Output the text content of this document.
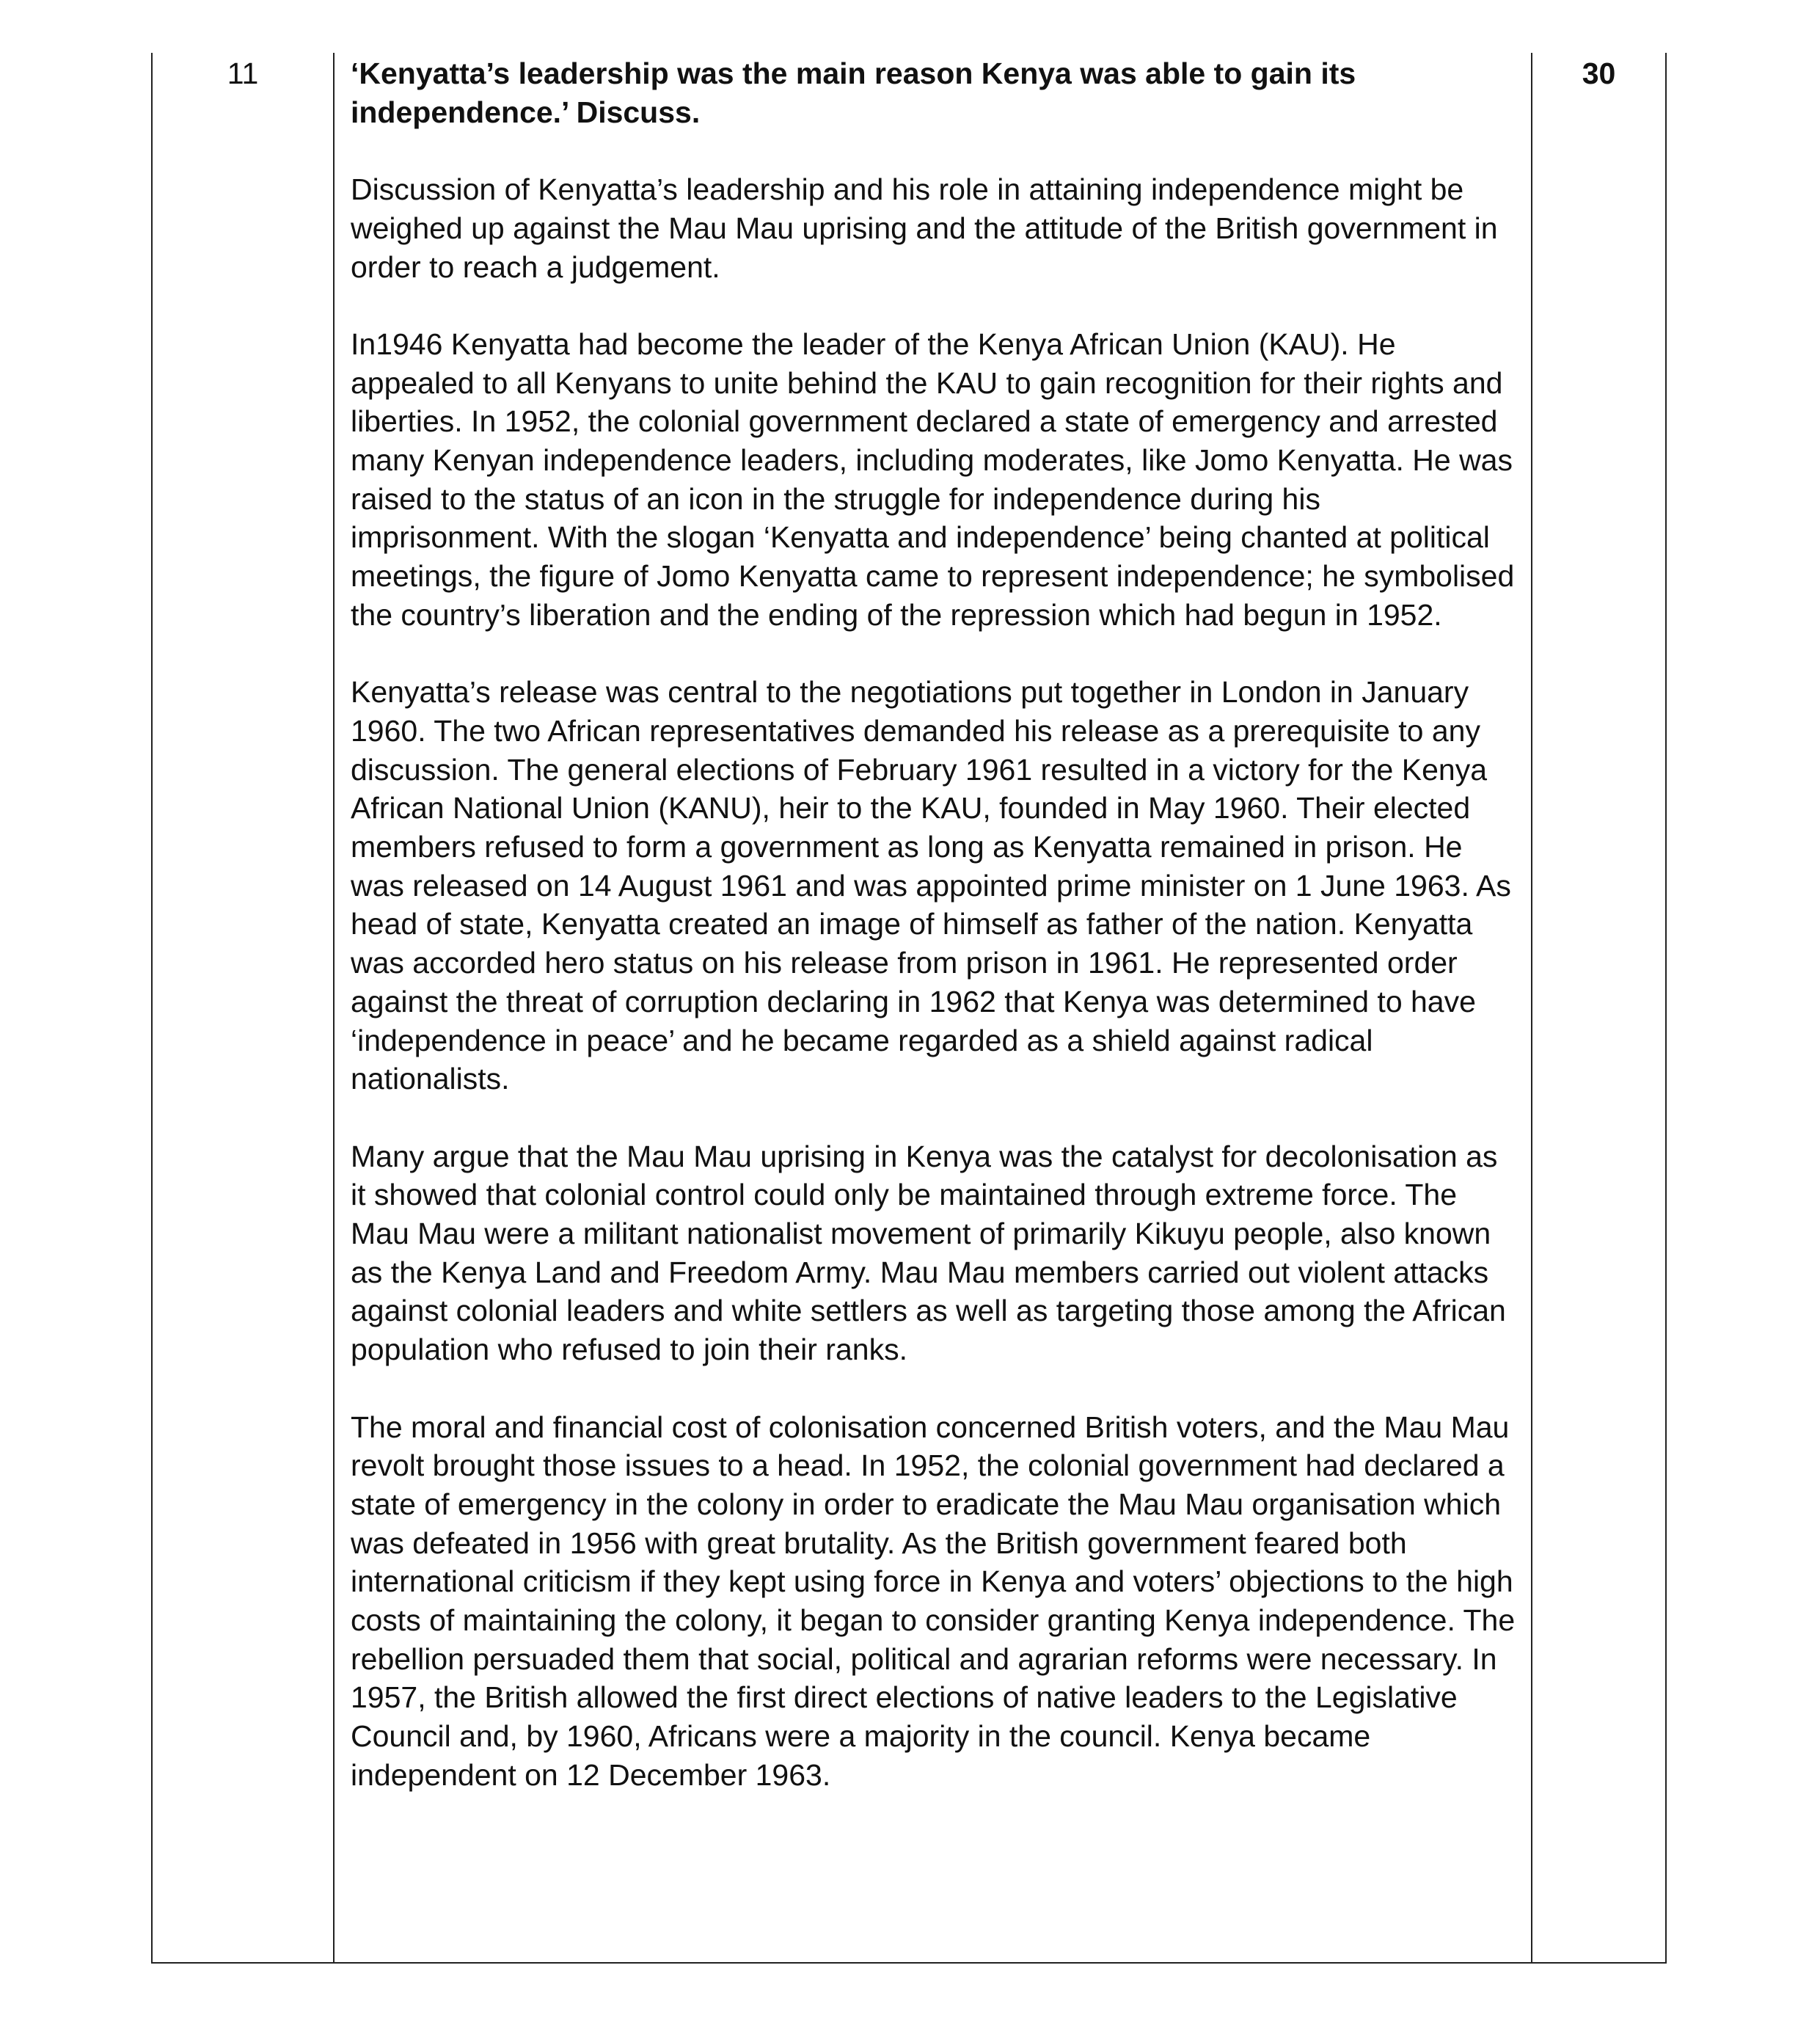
11	‘Kenyatta’s leadership was the main reason Kenya was able to gain its independence.’ Discuss.

Discussion of Kenyatta’s leadership and his role in attaining independence might be weighed up against the Mau Mau uprising and the attitude of the British government in order to reach a judgement.

In1946 Kenyatta had become the leader of the Kenya African Union (KAU). He appealed to all Kenyans to unite behind the KAU to gain recognition for their rights and liberties. In 1952, the colonial government declared a state of emergency and arrested many Kenyan independence leaders, including moderates, like Jomo Kenyatta. He was raised to the status of an icon in the struggle for independence during his imprisonment. With the slogan ‘Kenyatta and independence’ being chanted at political meetings, the figure of Jomo Kenyatta came to represent independence; he symbolised the country’s liberation and the ending of the repression which had begun in 1952.

Kenyatta’s release was central to the negotiations put together in London in January 1960. The two African representatives demanded his release as a prerequisite to any discussion. The general elections of February 1961 resulted in a victory for the Kenya African National Union (KANU), heir to the KAU, founded in May 1960. Their elected members refused to form a government as long as Kenyatta remained in prison. He was released on 14 August 1961 and was appointed prime minister on 1 June 1963. As head of state, Kenyatta created an image of himself as father of the nation. Kenyatta was accorded hero status on his release from prison in 1961. He represented order against the threat of corruption declaring in 1962 that Kenya was determined to have ‘independence in peace’ and he became regarded as a shield against radical nationalists.

Many argue that the Mau Mau uprising in Kenya was the catalyst for decolonisation as it showed that colonial control could only be maintained through extreme force. The Mau Mau were a militant nationalist movement of primarily Kikuyu people, also known as the Kenya Land and Freedom Army. Mau Mau members carried out violent attacks against colonial leaders and white settlers as well as targeting those among the African population who refused to join their ranks.

The moral and financial cost of colonisation concerned British voters, and the Mau Mau revolt brought those issues to a head. In 1952, the colonial government had declared a state of emergency in the colony in order to eradicate the Mau Mau organisation which was defeated in 1956 with great brutality. As the British government feared both international criticism if they kept using force in Kenya and voters’ objections to the high costs of maintaining the colony, it began to consider granting Kenya independence. The rebellion persuaded them that social, political and agrarian reforms were necessary. In 1957, the British allowed the first direct elections of native leaders to the Legislative Council and, by 1960, Africans were a majority in the council. Kenya became independent on 12 December 1963.

30
